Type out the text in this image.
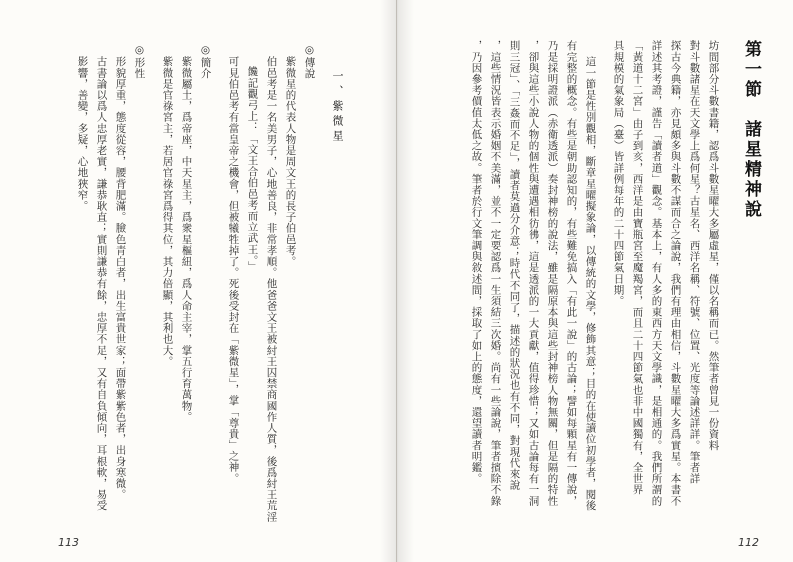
一、紫微星
◎傳說
紫微星的代表人物是周文王的長子伯邑考。
伯邑考是一名美男子，心地善良，非常孝順。他爸爸文王被紂王囚禁商國作人質，後爲紂王荒淫
饞記觀弓上：「文王合伯邑考而立武王。」
可見伯邑考有當皇帝之機會，但被犧牲掉了。死後受封在「紫微星」，掌「尊貴」之神。
◎簡介
紫微屬土，爲帝座，中天星主，爲衆星樞紐，爲人命主宰，掌五行育萬物。
紫微是官祿宮主，若居官祿宮爲得其位，其力倍顯，其利也大。
◎形性
形貌厚重，態度從容，腰背肥滿。臉色青白者，出生富貴世家；面帶紫紫色者，出身寒微。
古書論以爲人忠厚老實，謙恭耿直；實則謙恭有餘，忠厚不足，又有自負傾向，耳根軟，易受
影響，善變，多疑，心地狹窄。	第一節　諸星精神說
坊間部分斗數書籍，認爲斗數星曜大多屬虛星，僅以名稱而已。然筆者曾見一份資料
對斗數諸星在天文學上爲何星？古星名、西洋名稱、符號、位置、光度等論述詳詳。筆者詳
探古今典籍，亦見頗多與斗數不謀而合之論說，我們有理由相信，斗數星曜大多爲實星。本書不
詳述其考證，謹告「讀者道」觀念。基本上，有人多的東西方天文學識，是相通的。我們所謂的
「黃道十二宮」由子到亥，西洋是由寶瓶宮至魔羯宮，而且二十四節氣也非中國獨有，全世界
具規模的氣象局（臺）皆詳例每年的二十四節氣日期。
這一節是性別觀相，斷章星曜擬象論，以傳統的文學，修飾其意；目的在使讀位初學者，閱後
有完整的概念。有些是朝助認知的，有些難免搞入「有此一說」的古論；譬如每顆星有一傳說，
乃是採明證派（赤衛透派）奏封神榜的說法，雖是隔原本與這些封神榜人物無關，但是隔的特性
，卻與這些小說人物的個性與遭遇相彷彿，這是透派的一大貢獻，值得珍惜；又如古論每有一洞
則三冠」、「三姦而不足」，讀者莫過分介意；時代不同了，描述的狀況也有不同，對現代來說
，這些情況皆表示婚姻不美滿，並不一定要認爲一生須結三次婚。尚有一些論說，筆者擯除不錄
，乃因參考價值太低之故。筆者於行文筆調與敘述間，採取了如上的態度，還望讀者明鑑。
113	112
